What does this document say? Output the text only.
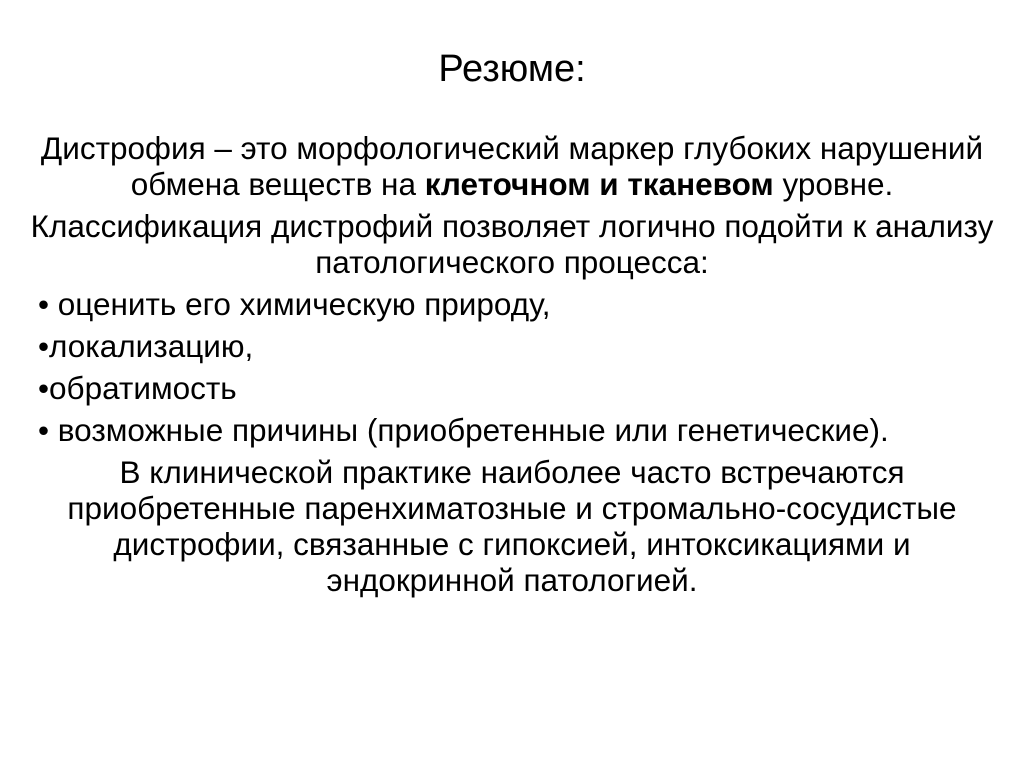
Резюме:

Дистрофия – это морфологический маркер глубоких нарушений обмена веществ на клеточном и тканевом уровне.

Классификация дистрофий позволяет логично подойти к анализу патологического процесса:

• оценить его химическую природу,
•локализацию,
•обратимость
• возможные причины (приобретенные или генетические).

В клинической практике наиболее часто встречаются приобретенные паренхиматозные и стромально-сосудистые дистрофии, связанные с гипоксией, интоксикациями и эндокринной патологией.
